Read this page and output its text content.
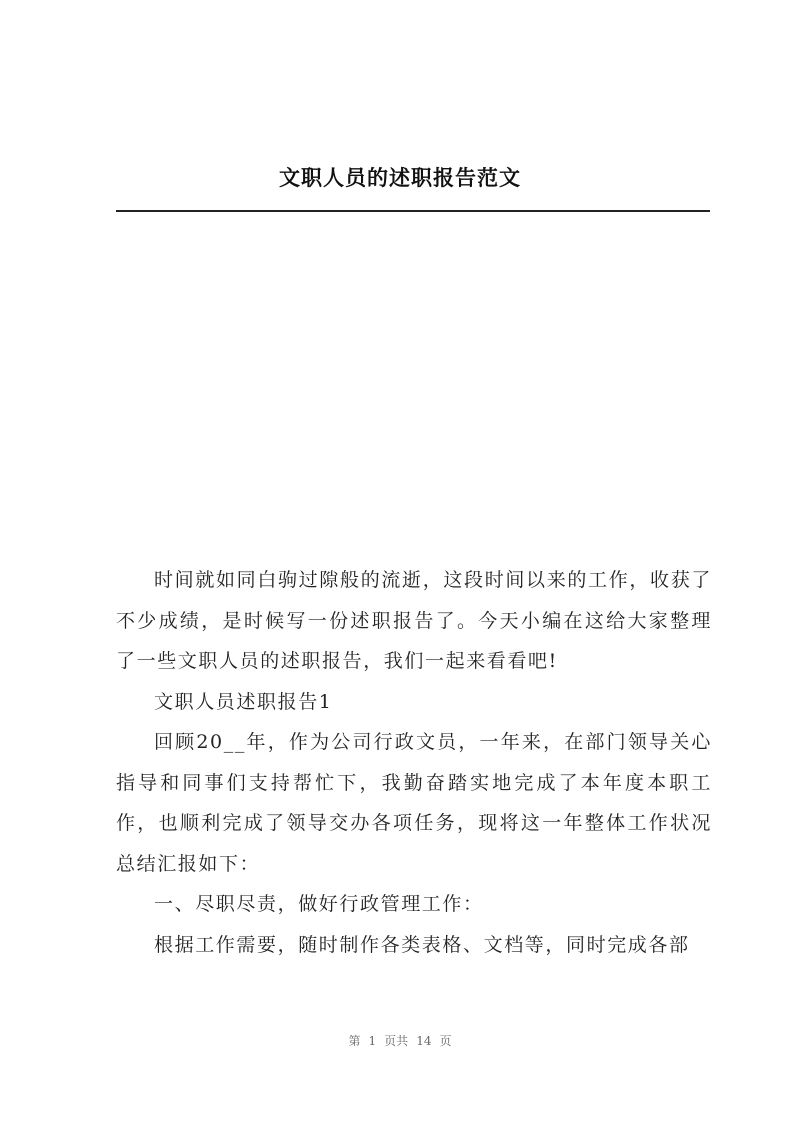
文职人员的述职报告范文

时间就如同白驹过隙般的流逝，这段时间以来的工作，收获了不少成绩，是时候写一份述职报告了。今天小编在这给大家整理了一些文职人员的述职报告，我们一起来看看吧!

文职人员述职报告1

回顾20__年，作为公司行政文员，一年来，在部门领导关心指导和同事们支持帮忙下，我勤奋踏实地完成了本年度本职工作，也顺利完成了领导交办各项任务，现将这一年整体工作状况总结汇报如下：

一、尽职尽责，做好行政管理工作：

根据工作需要，随时制作各类表格、文档等，同时完成各部

第 1 页共 14 页
